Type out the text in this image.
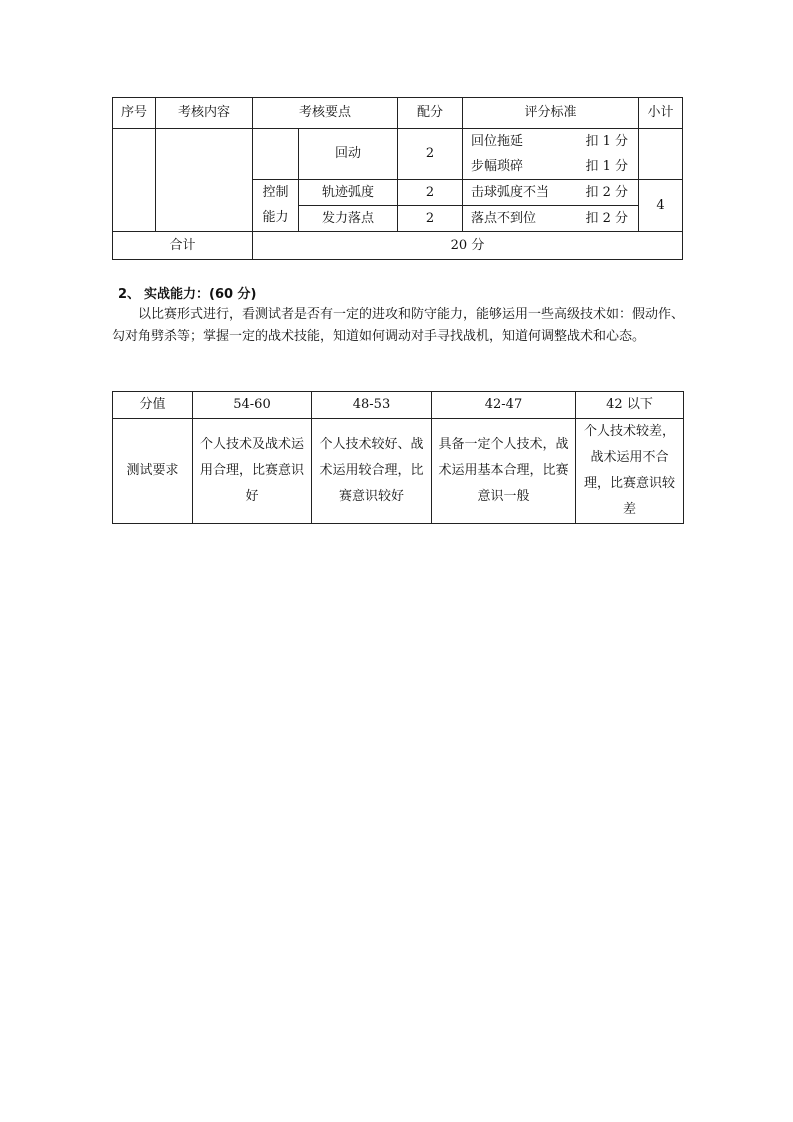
序号	考核内容	考核要点		配分	评分标准	小计
			回动	2	回位拖延 扣 1 分	

					步幅琐碎 扣 1 分	

		控制	轨迹弧度	2	击球弧度不当 扣 2 分	4
		能力	发力落点	2	落点不到位 扣 2 分	

合计		20 分				
2、 实战能力：(60 分)

以比赛形式进行，看测试者是否有一定的进攻和防守能力，能够运用一些高级技术如：假动作、勾对角劈杀等；掌握一定的战术技能，知道如何调动对手寻找战机，知道何调整战术和心态。

分值	54-60	48-53	42-47	42 以下
测试要求	个人技术及战术运用合理，比赛意识好	个人技术较好、战术运用较合理，比赛意识较好	具备一定个人技术，战术运用基本合理，比赛意识一般	个人技术较差，战术运用不合理，比赛意识较差
